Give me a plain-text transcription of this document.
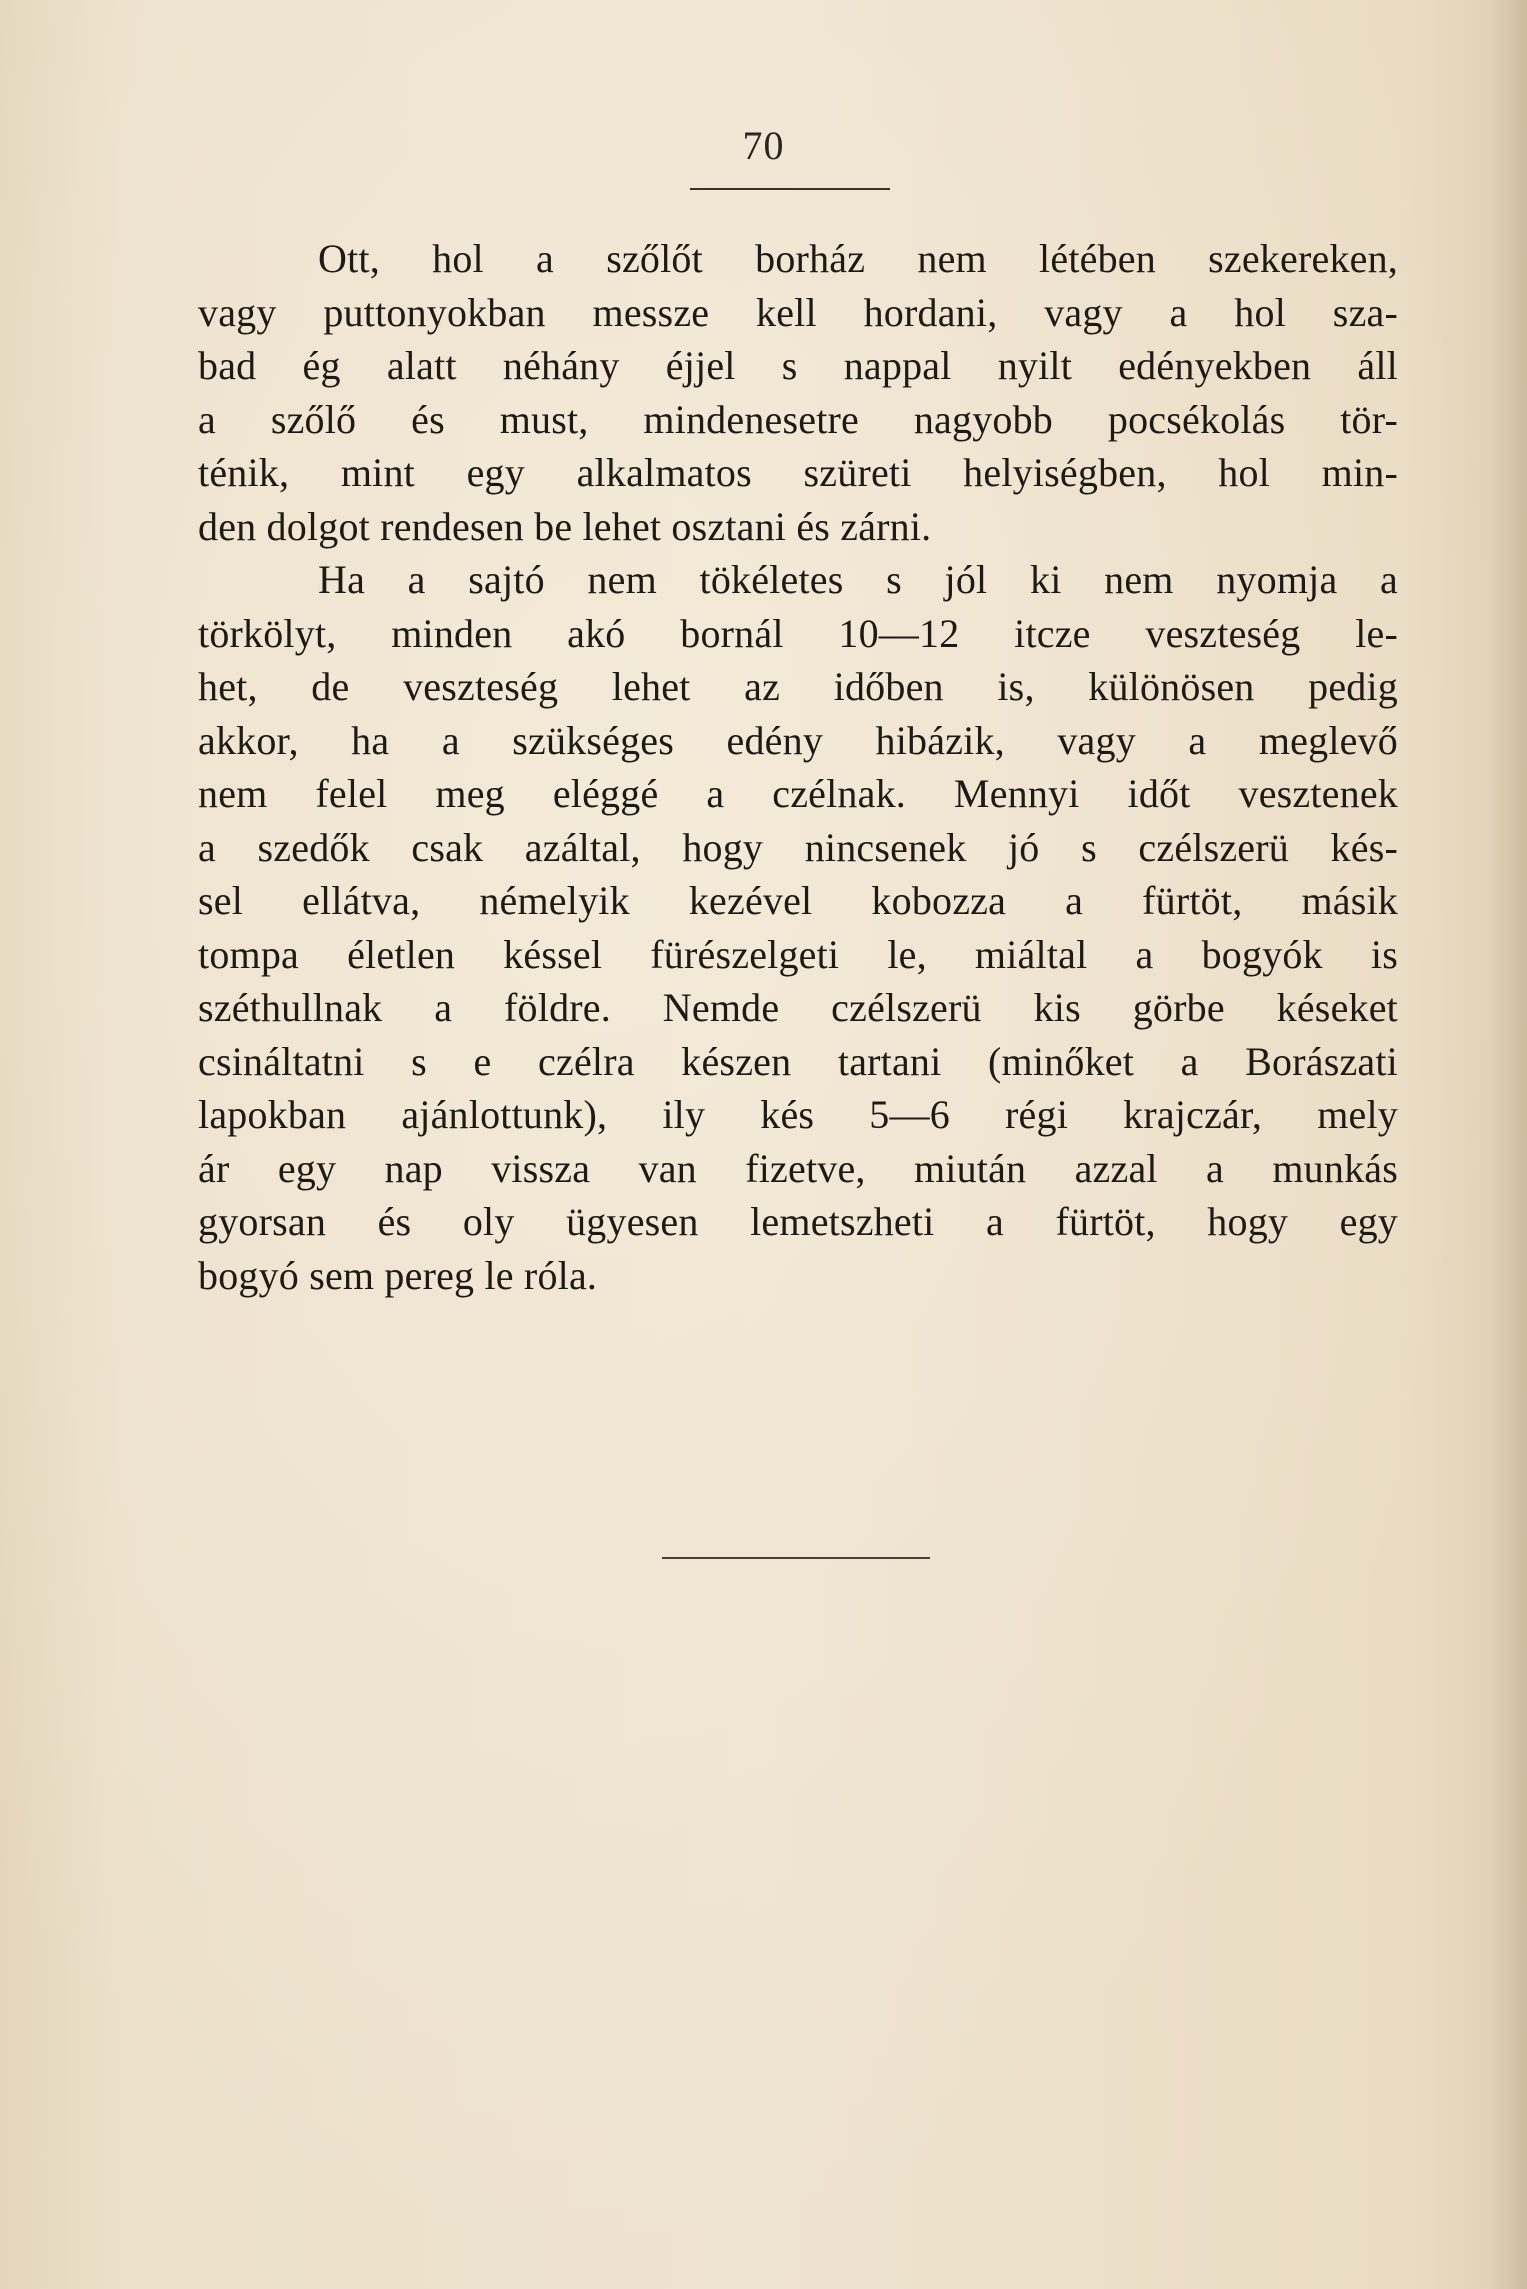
70
Ott, hol a szőlőt borház nem létében szekereken,
vagy puttonyokban messze kell hordani, vagy a hol sza-
bad ég alatt néhány éjjel s nappal nyilt edényekben áll
a szőlő és must, mindenesetre nagyobb pocsékolás tör-
ténik, mint egy alkalmatos szüreti helyiségben, hol min-
den dolgot rendesen be lehet osztani és zárni.
Ha a sajtó nem tökéletes s jól ki nem nyomja a
törkölyt, minden akó bornál 10—12 itcze veszteség le-
het, de veszteség lehet az időben is, különösen pedig
akkor, ha a szükséges edény hibázik, vagy a meglevő
nem felel meg eléggé a czélnak. Mennyi időt vesztenek
a szedők csak azáltal, hogy nincsenek jó s czélszerü kés-
sel ellátva, némelyik kezével kobozza a fürtöt, másik
tompa életlen késsel fürészelgeti le, miáltal a bogyók is
széthullnak a földre. Nemde czélszerü kis görbe késeket
csináltatni s e czélra készen tartani (minőket a Borászati
lapokban ajánlottunk), ily kés 5—6 régi krajczár, mely
ár egy nap vissza van fizetve, miután azzal a munkás
gyorsan és oly ügyesen lemetszheti a fürtöt, hogy egy
bogyó sem pereg le róla.
